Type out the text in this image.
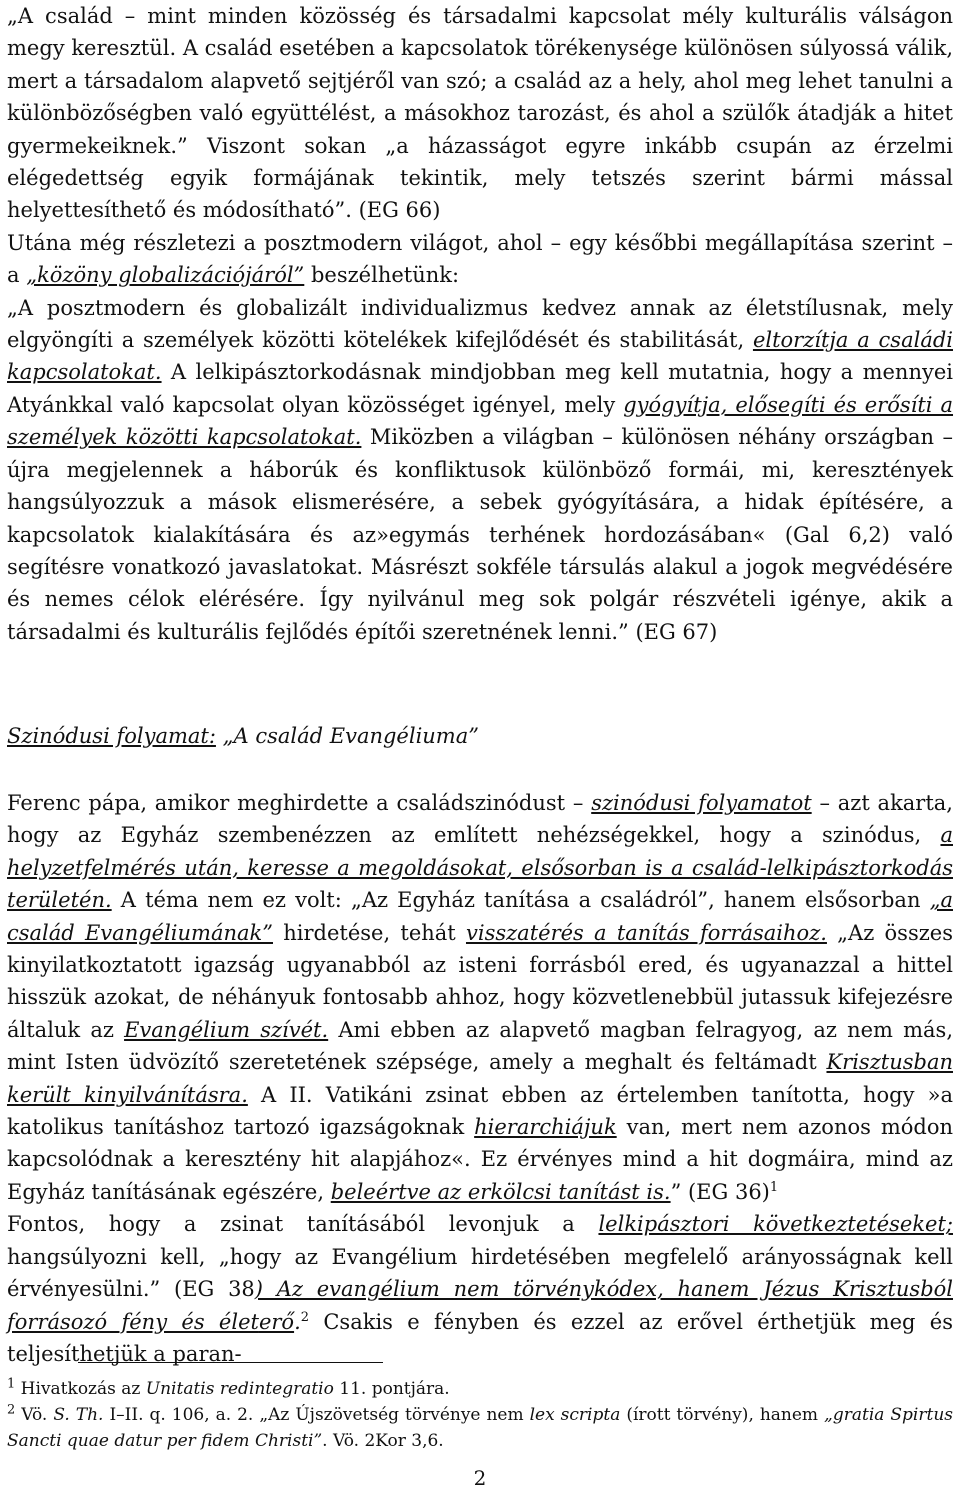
„A család – mint minden közösség és társadalmi kapcsolat mély kulturális válságon megy keresztül. A család esetében a kapcsolatok törékenysége különösen súlyossá válik, mert a társadalom alapvető sejtjéről van szó; a család az a hely, ahol meg lehet tanulni a különbözőségben való együttélést, a másokhoz tarozást, és ahol a szülők átadják a hitet gyermekeiknek.” Viszont sokan „a házasságot egyre inkább csupán az érzelmi elégedettség egyik formájának tekintik, mely tetszés szerint bármi mással helyettesíthető és módosítható”. (EG 66)

Utána még részletezi a posztmodern világot, ahol – egy későbbi megállapítása szerint – a „közöny globalizációjáról” beszélhetünk:

„A posztmodern és globalizált individualizmus kedvez annak az életstílusnak, mely elgyöngíti a személyek közötti kötelékek kifejlődését és stabilitását, eltorzítja a családi kapcsolatokat. A lelkipásztorkodásnak mindjobban meg kell mutatnia, hogy a mennyei Atyánkkal való kapcsolat olyan közösséget igényel, mely gyógyítja, elősegíti és erősíti a személyek közötti kapcsolatokat. Miközben a világban – különösen néhány országban – újra megjelennek a háborúk és konfliktusok különböző formái, mi, keresztények hangsúlyozzuk a mások elismerésére, a sebek gyógyítására, a hidak építésére, a kapcsolatok kialakítására és az»egymás terhének hordozásában« (Gal 6,2) való segítésre vonatkozó javaslatokat. Másrészt sokféle társulás alakul a jogok megvédésére és nemes célok elérésére. Így nyilvánul meg sok polgár részvételi igénye, akik a társadalmi és kulturális fejlődés építői szeretnének lenni.” (EG 67)

Szinódusi folyamat: „A család Evangéliuma”

Ferenc pápa, amikor meghirdette a családszinódust – szinódusi folyamatot – azt akarta, hogy az Egyház szembenézzen az említett nehézségekkel, hogy a szinódus, a helyzetfelmérés után, keresse a megoldásokat, elsősorban is a család-lelkipásztorkodás területén. A téma nem ez volt: „Az Egyház tanítása a családról”, hanem elsősorban „a család Evangéliumának” hirdetése, tehát visszatérés a tanítás forrásaihoz. „Az összes kinyilatkoztatott igazság ugyanabból az isteni forrásból ered, és ugyanazzal a hittel hisszük azokat, de néhányuk fontosabb ahhoz, hogy közvetlenebbül jutassuk kifejezésre általuk az Evangélium szívét. Ami ebben az alapvető magban felragyog, az nem más, mint Isten üdvözítő szeretetének szépsége, amely a meghalt és feltámadt Krisztusban került kinyilvánításra. A II. Vatikáni zsinat ebben az értelemben tanította, hogy »a katolikus tanításhoz tartozó igazságoknak hierarchiájuk van, mert nem azonos módon kapcsolódnak a keresztény hit alapjához«. Ez érvényes mind a hit dogmáira, mind az Egyház tanításának egészére, beleértve az erkölcsi tanítást is.” (EG 36)$^1$

Fontos, hogy a zsinat tanításából levonjuk a lelkipásztori következtetéseket; hangsúlyozni kell, „hogy az Evangélium hirdetésében megfelelő arányosságnak kell érvényesülni.” (EG 38) Az evangélium nem törvénykódex, hanem Jézus Krisztusból forrásozó fény és életerő.$^2$ Csakis e fényben és ezzel az erővel érthetjük meg és teljesíthetjük a paran-

$^1$ Hivatkozás az Unitatis redintegratio 11. pontjára.

$^2$ Vö. S. Th. I–II. q. 106, a. 2. „Az Újszövetség törvénye nem lex scripta (írott törvény), hanem „gratia Spirtus Sancti quae datur per fidem Christi”. Vö. 2Kor 3,6.

2
